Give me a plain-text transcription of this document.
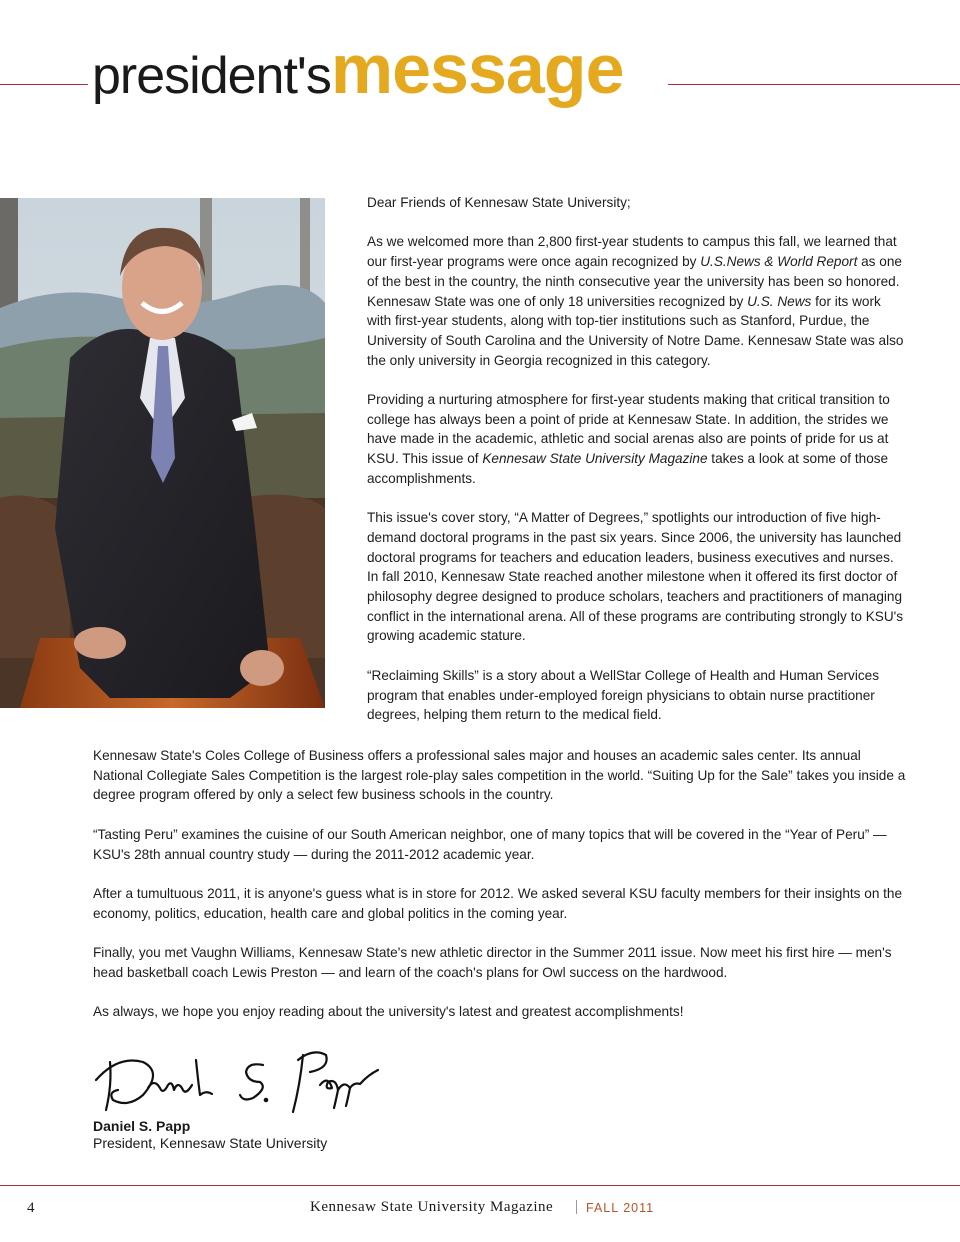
president'smessage

Dear Friends of Kennesaw State University;

As we welcomed more than 2,800 first-year students to campus this fall, we learned that our first-year programs were once again recognized by U.S.News & World Report as one of the best in the country, the ninth consecutive year the university has been so honored. Kennesaw State was one of only 18 universities recognized by U.S. News for its work with first-year students, along with top-tier institutions such as Stanford, Purdue, the University of South Carolina and the University of Notre Dame. Kennesaw State was also the only university in Georgia recognized in this category.

Providing a nurturing atmosphere for first-year students making that critical transition to college has always been a point of pride at Kennesaw State. In addition, the strides we have made in the academic, athletic and social arenas also are points of pride for us at KSU. This issue of Kennesaw State University Magazine takes a look at some of those accomplishments.

This issue's cover story, “A Matter of Degrees,” spotlights our introduction of five high-demand doctoral programs in the past six years. Since 2006, the university has launched doctoral programs for teachers and education leaders, business executives and nurses. In fall 2010, Kennesaw State reached another milestone when it offered its first doctor of philosophy degree designed to produce scholars, teachers and practitioners of managing conflict in the international arena. All of these programs are contributing strongly to KSU's growing academic stature.

“Reclaiming Skills” is a story about a WellStar College of Health and Human Services program that enables under-employed foreign physicians to obtain nurse practitioner degrees, helping them return to the medical field.

Kennesaw State's Coles College of Business offers a professional sales major and houses an academic sales center. Its annual National Collegiate Sales Competition is the largest role-play sales competition in the world. “Suiting Up for the Sale” takes you inside a degree program offered by only a select few business schools in the country.

“Tasting Peru” examines the cuisine of our South American neighbor, one of many topics that will be covered in the “Year of Peru” — KSU's 28th annual country study — during the 2011-2012 academic year.

After a tumultuous 2011, it is anyone's guess what is in store for 2012. We asked several KSU faculty members for their insights on the economy, politics, education, health care and global politics in the coming year.

Finally, you met Vaughn Williams, Kennesaw State's new athletic director in the Summer 2011 issue. Now meet his first hire — men's head basketball coach Lewis Preston — and learn of the coach's plans for Owl success on the hardwood.

As always, we hope you enjoy reading about the university's latest and greatest accomplishments!

Daniel S. Papp
President, Kennesaw State University
4	Kennesaw State University Magazine	FALL 2011
